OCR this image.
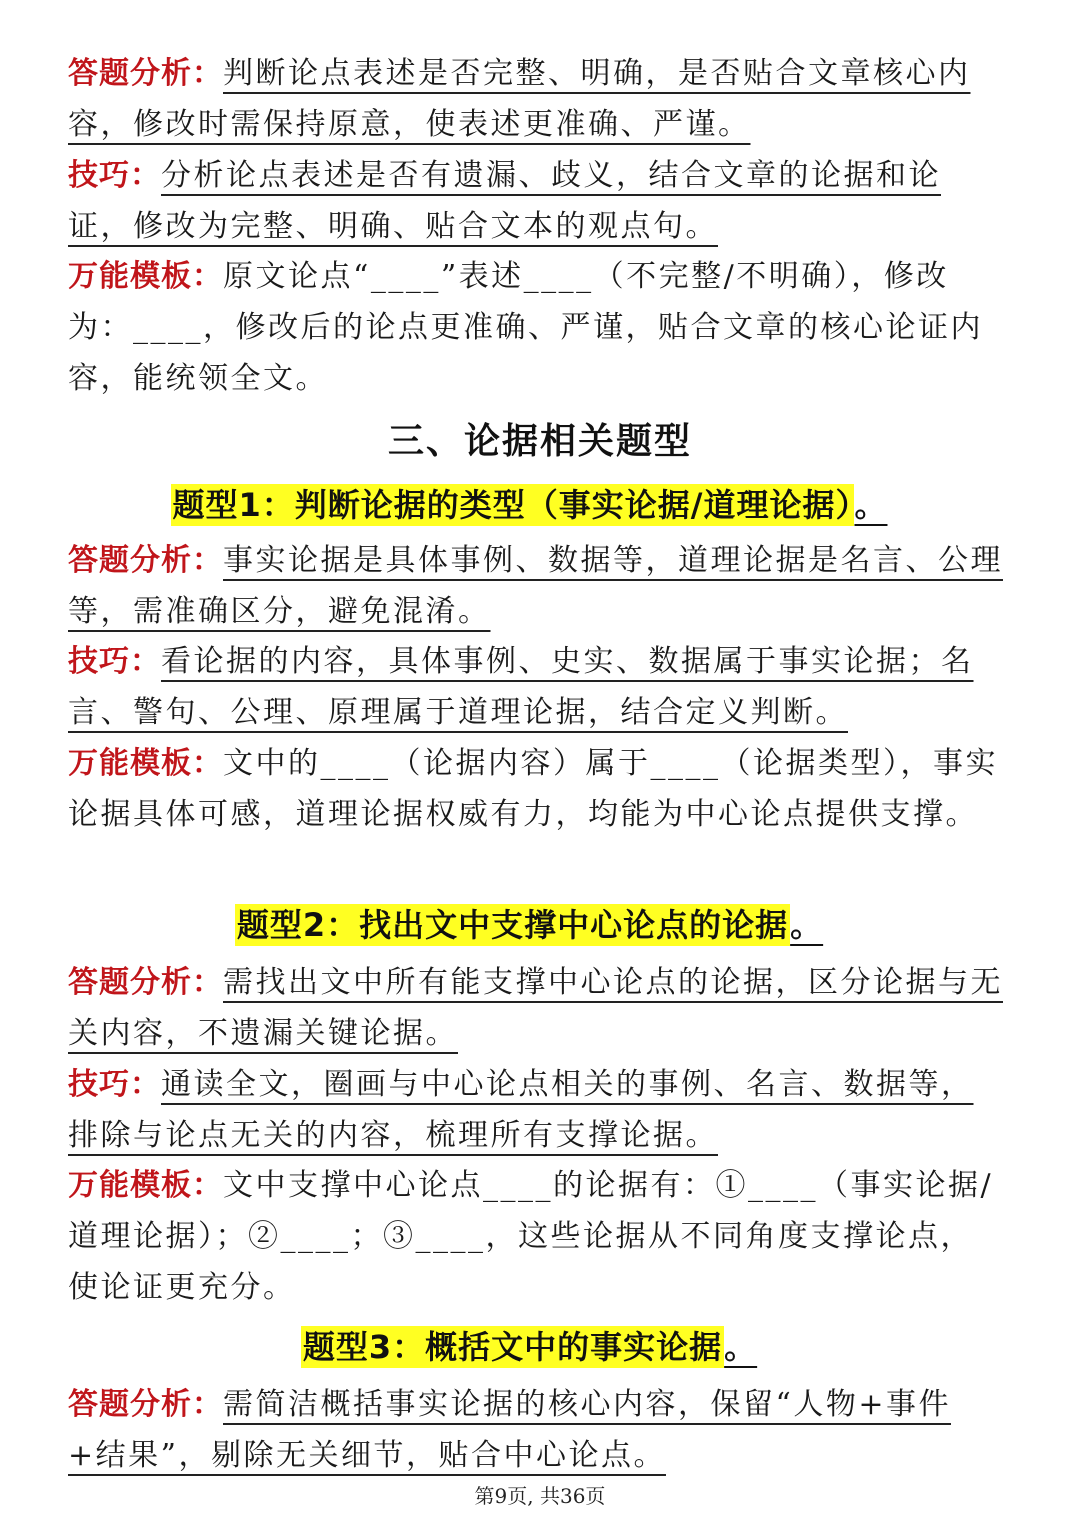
答题分析：判断论点表述是否完整、明确，是否贴合文章核心内容，修改时需保持原意，使表述更准确、严谨。

技巧：分析论点表述是否有遗漏、歧义，结合文章的论据和论证，修改为完整、明确、贴合文本的观点句。

万能模板：原文论点“____”表述____（不完整/不明确），修改为：____，修改后的论点更准确、严谨，贴合文章的核心论证内容，能统领全文。

三、论据相关题型
题型1：判断论据的类型（事实论据/道理论据）。

答题分析：事实论据是具体事例、数据等，道理论据是名言、公理等，需准确区分，避免混淆。

技巧：看论据的内容，具体事例、史实、数据属于事实论据；名言、警句、公理、原理属于道理论据，结合定义判断。

万能模板：文中的____（论据内容）属于____（论据类型），事实论据具体可感，道理论据权威有力，均能为中心论点提供支撑。

题型2：找出文中支撑中心论点的论据。

答题分析：需找出文中所有能支撑中心论点的论据，区分论据与无关内容，不遗漏关键论据。

技巧：通读全文，圈画与中心论点相关的事例、名言、数据等，排除与论点无关的内容，梳理所有支撑论据。

万能模板：文中支撑中心论点____的论据有：①____（事实论据/道理论据）；②____；③____，这些论据从不同角度支撑论点，使论证更充分。

题型3：概括文中的事实论据。

答题分析：需简洁概括事实论据的核心内容，保留“人物+事件+结果”，剔除无关细节，贴合中心论点。

第9页, 共36页
